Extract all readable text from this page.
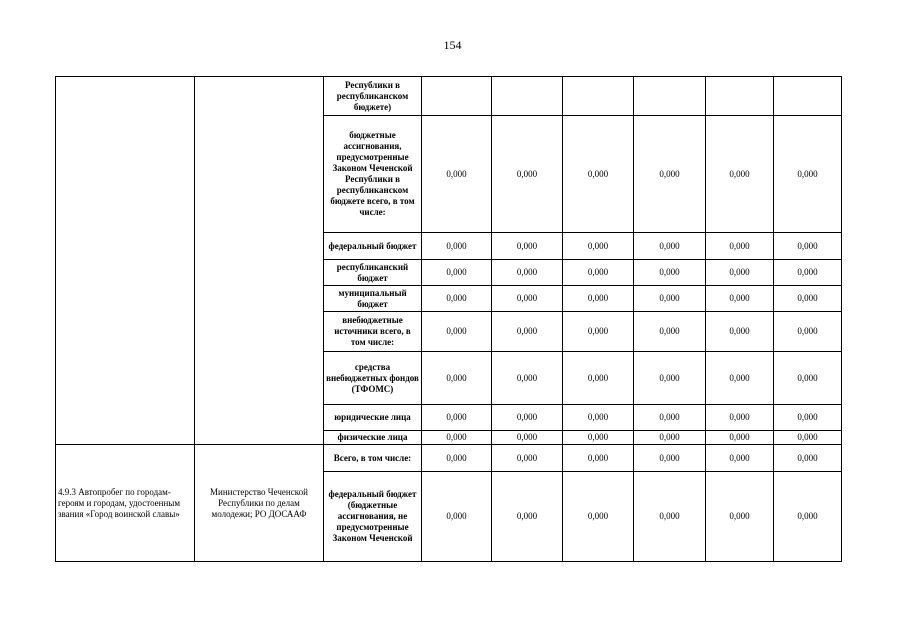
154
		Республики в республиканском бюджете)						
		бюджетные ассигнования, предусмотренные Законом Чеченской Республики в республиканском бюджете всего, в том числе:	0,000	0,000	0,000	0,000	0,000	0,000
		федеральный бюджет	0,000	0,000	0,000	0,000	0,000	0,000
		республиканский бюджет	0,000	0,000	0,000	0,000	0,000	0,000
		муниципальный бюджет	0,000	0,000	0,000	0,000	0,000	0,000
		внебюджетные источники всего, в том числе:	0,000	0,000	0,000	0,000	0,000	0,000
		средства внебюджетных фондов (ТФОМС)	0,000	0,000	0,000	0,000	0,000	0,000
		юридические лица	0,000	0,000	0,000	0,000	0,000	0,000
		физические лица	0,000	0,000	0,000	0,000	0,000	0,000
4.9.3 Автопробег по городам-героям и городам, удостоенным звания «Город воинской славы»	Министерство Чеченской Республики по делам молодежи; РО ДОСААФ	Всего, в том числе:	0,000	0,000	0,000	0,000	0,000	0,000
		федеральный бюджет (бюджетные ассигнования, не предусмотренные Законом Чеченской	0,000	0,000	0,000	0,000	0,000	0,000
